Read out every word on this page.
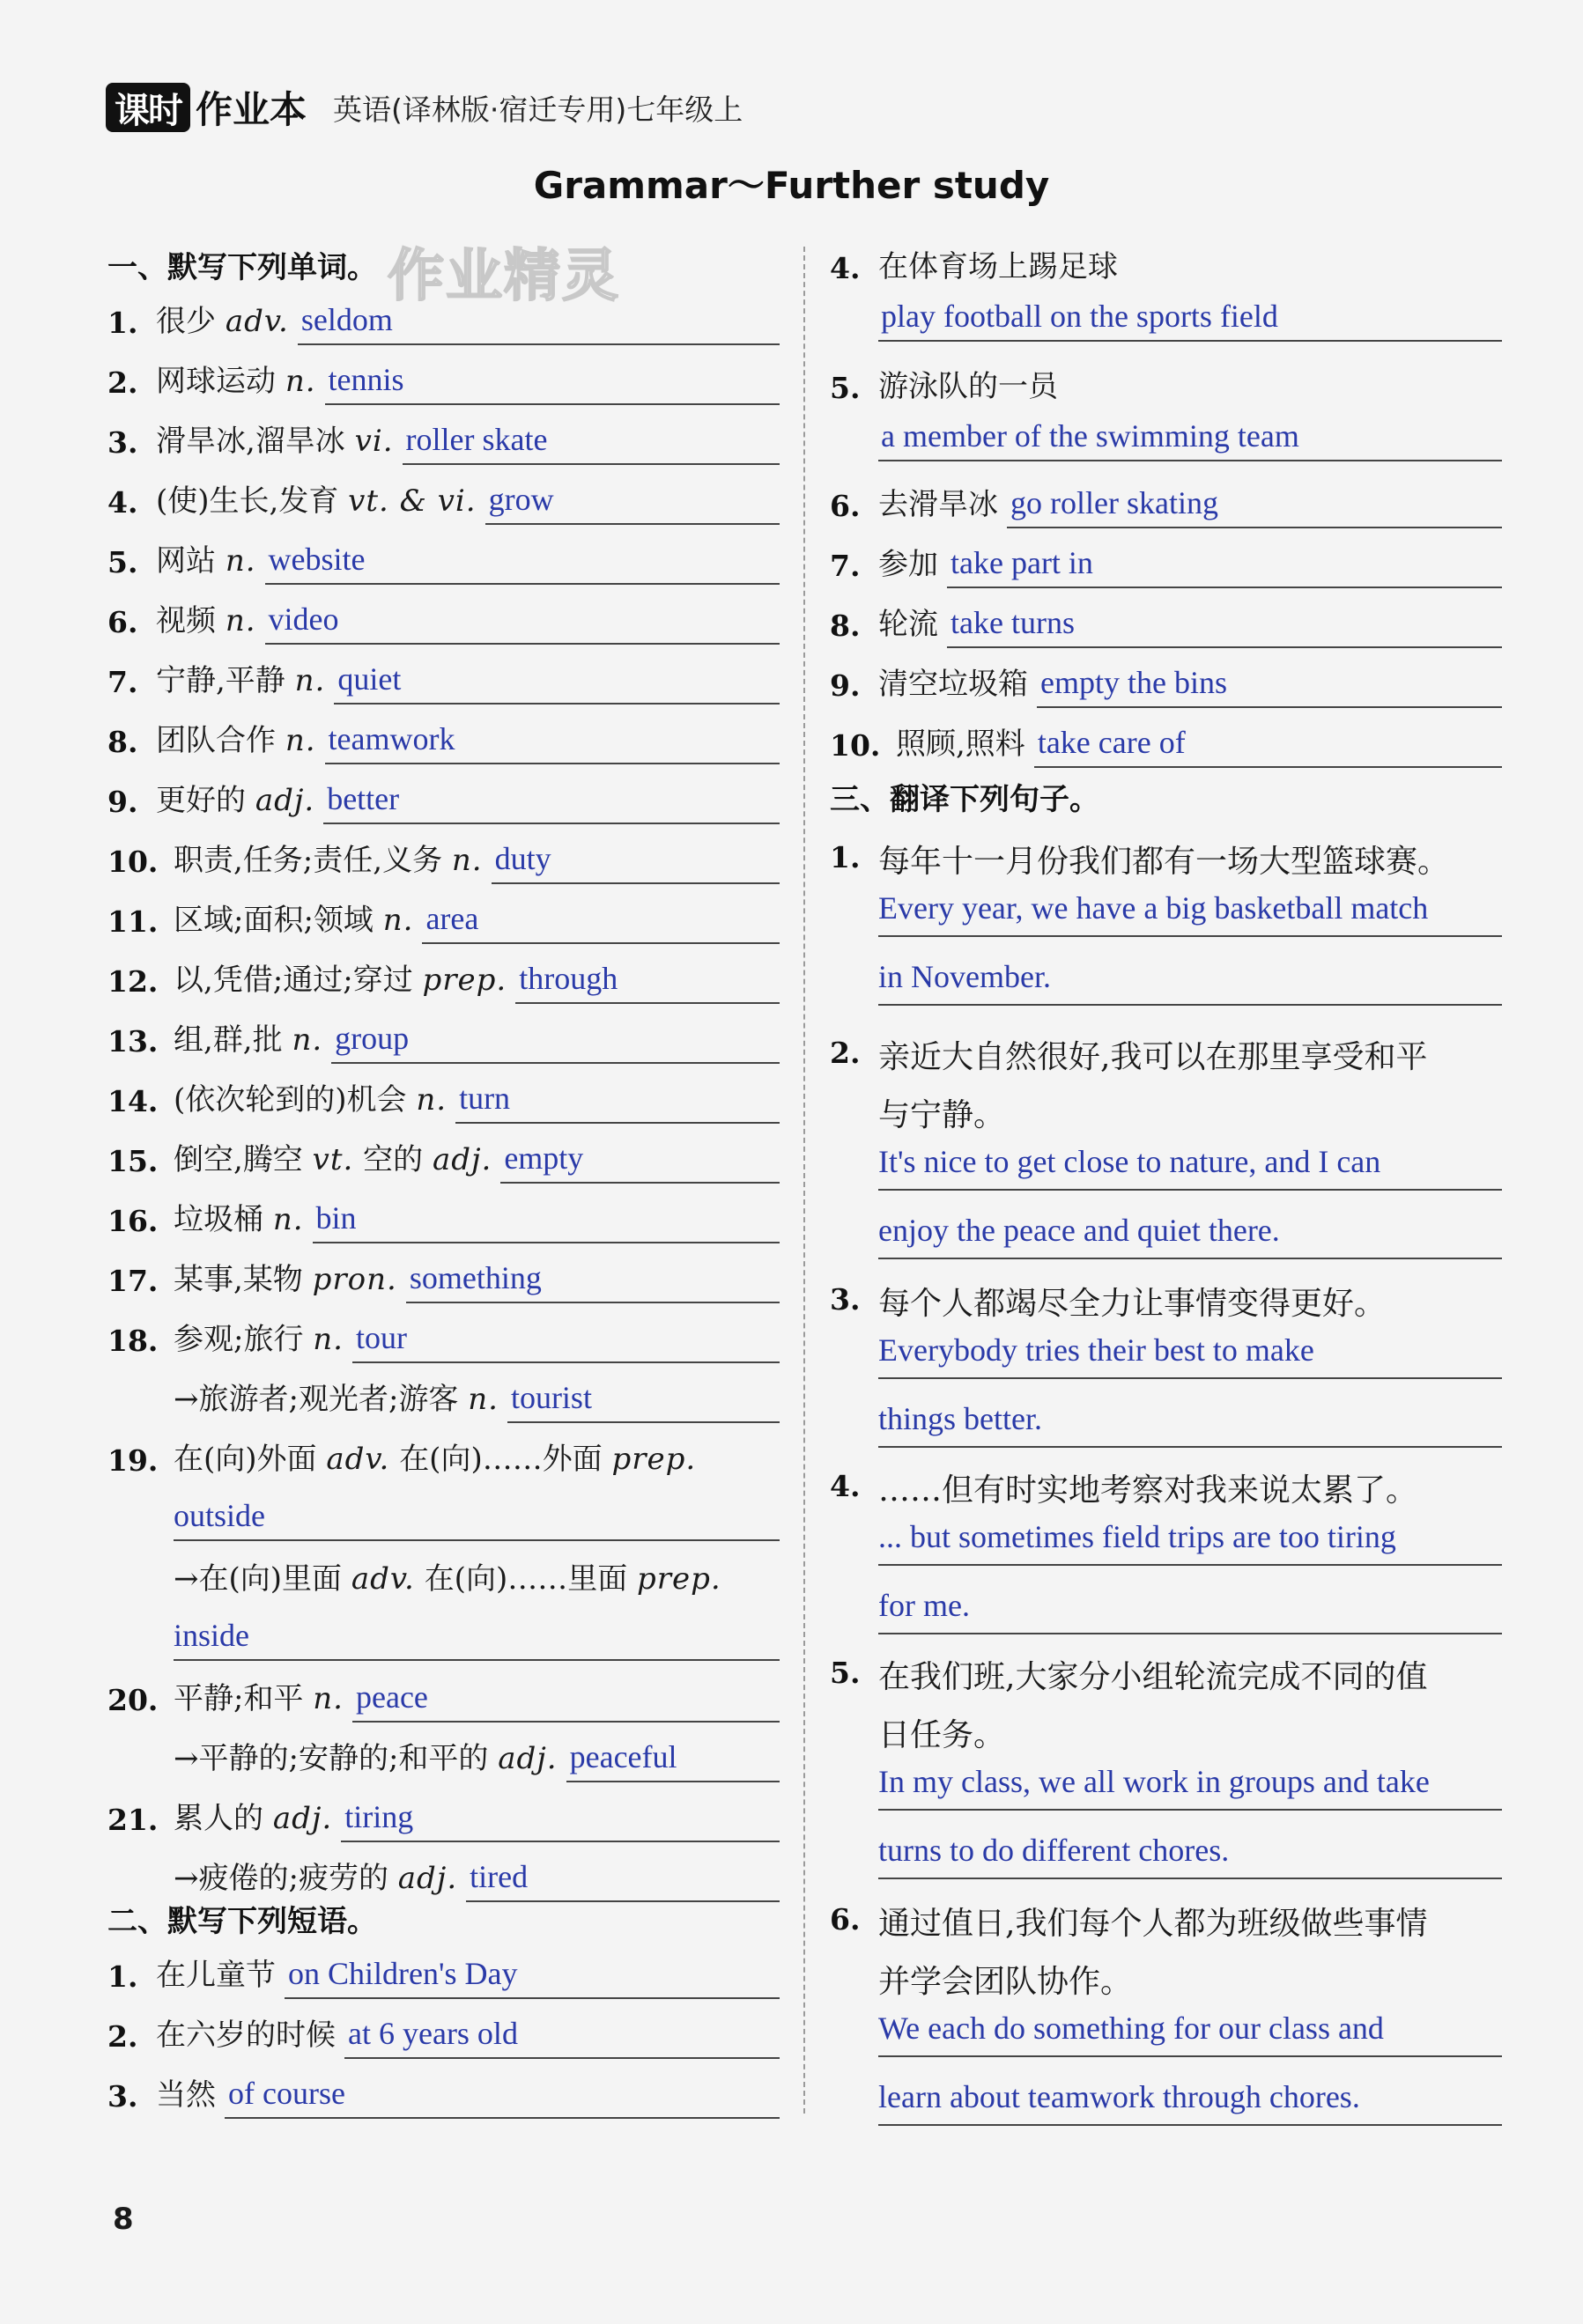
课时 作业本 英语(译林版·宿迁专用)七年级上
Grammar～Further study
作业精灵
一、默写下列单词。
1. 很少 adv. seldom
2. 网球运动 n. tennis
3. 滑旱冰,溜旱冰 vi. roller skate
4. (使)生长,发育 vt. & vi. grow
5. 网站 n. website
6. 视频 n. video
7. 宁静,平静 n. quiet
8. 团队合作 n. teamwork
9. 更好的 adj. better
10. 职责,任务;责任,义务 n. duty
11. 区域;面积;领域 n. area
12. 以,凭借;通过;穿过 prep. through
13. 组,群,批 n. group
14. (依次轮到的)机会 n. turn
15. 倒空,腾空 vt. 空的 adj. empty
16. 垃圾桶 n. bin
17. 某事,某物 pron. something
18. 参观;旅行 n. tour
→旅游者;观光者;游客 n. tourist
19. 在(向)外面 adv. 在(向)……外面 prep.
outside
→在(向)里面 adv. 在(向)……里面 prep.
inside
20. 平静;和平 n. peace
→平静的;安静的;和平的 adj. peaceful
21. 累人的 adj. tiring
→疲倦的;疲劳的 adj. tired
二、默写下列短语。
1. 在儿童节 on Children's Day
2. 在六岁的时候 at 6 years old
3. 当然 of course
4. 在体育场上踢足球
play football on the sports field
5. 游泳队的一员
a member of the swimming team
6. 去滑旱冰 go roller skating
7. 参加 take part in
8. 轮流 take turns
9. 清空垃圾箱 empty the bins
10. 照顾,照料 take care of
三、翻译下列句子。
1. 每年十一月份我们都有一场大型篮球赛。
Every year, we have a big basketball match
in November.
2. 亲近大自然很好,我可以在那里享受和平
与宁静。
It's nice to get close to nature, and I can
enjoy the peace and quiet there.
3. 每个人都竭尽全力让事情变得更好。
Everybody tries their best to make
things better.
4. ……但有时实地考察对我来说太累了。
... but sometimes field trips are too tiring
for me.
5. 在我们班,大家分小组轮流完成不同的值
日任务。
In my class, we all work in groups and take
turns to do different chores.
6. 通过值日,我们每个人都为班级做些事情
并学会团队协作。
We each do something for our class and
learn about teamwork through chores.
8
